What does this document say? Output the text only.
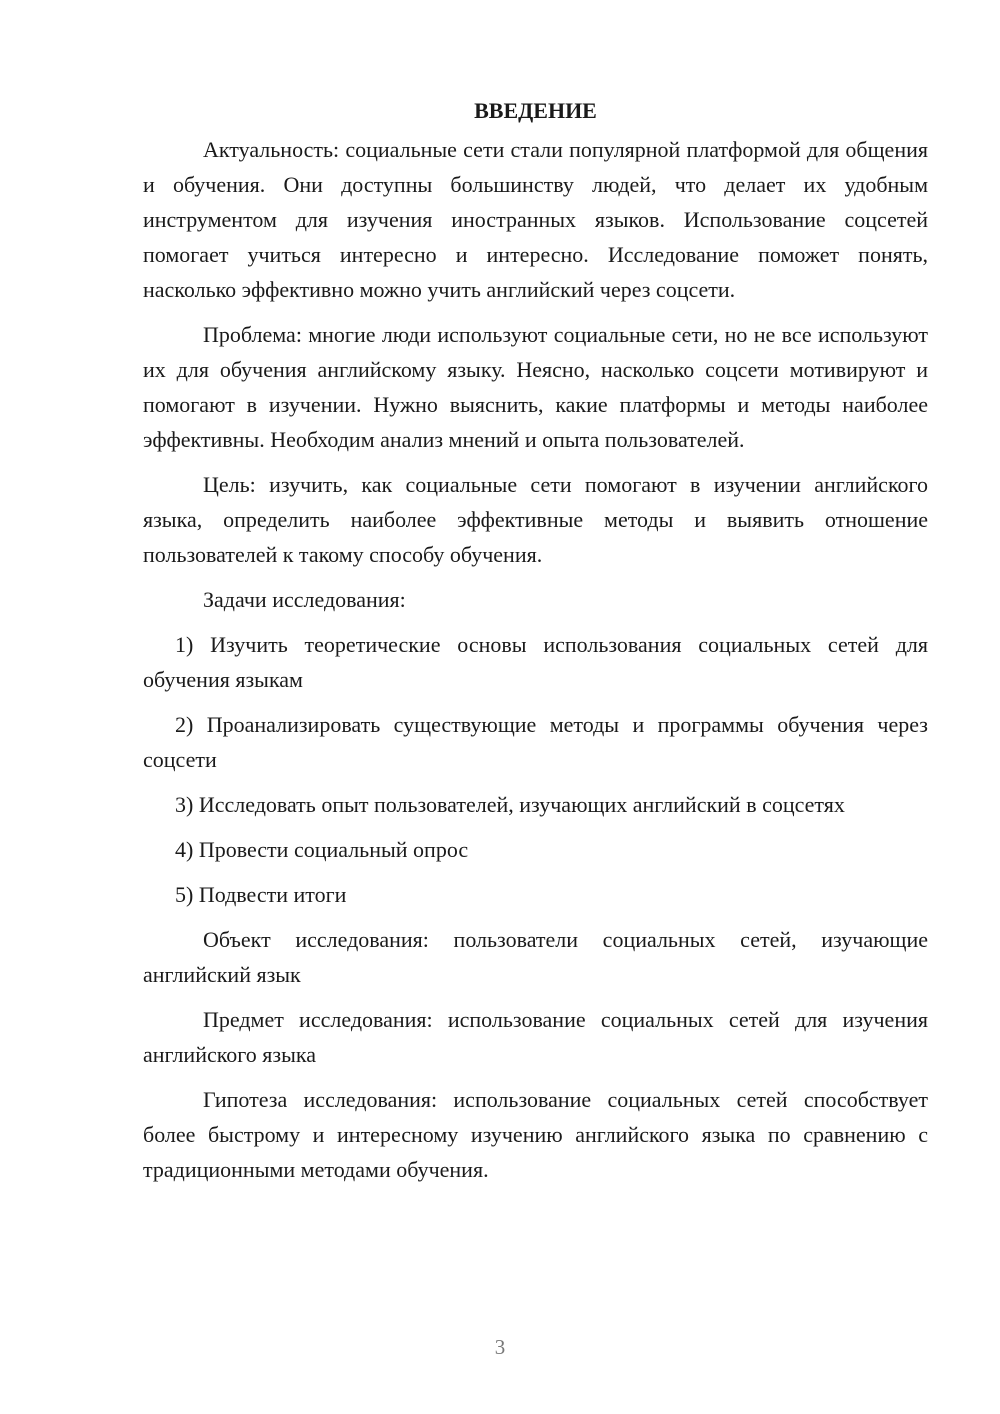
ВВЕДЕНИЕ

Актуальность: социальные сети стали популярной платформой для общения и обучения. Они доступны большинству людей, что делает их удобным инструментом для изучения иностранных языков. Использование соцсетей помогает учиться интересно и интересно. Исследование поможет понять, насколько эффективно можно учить английский через соцсети.

Проблема: многие люди используют социальные сети, но не все используют их для обучения английскому языку. Неясно, насколько соцсети мотивируют и помогают в изучении. Нужно выяснить, какие платформы и методы наиболее эффективны. Необходим анализ мнений и опыта пользователей.

Цель: изучить, как социальные сети помогают в изучении английского языка, определить наиболее эффективные методы и выявить отношение пользователей к такому способу обучения.

Задачи исследования:

1) Изучить теоретические основы использования социальных сетей для обучения языкам

2) Проанализировать существующие методы и программы обучения через соцсети

3) Исследовать опыт пользователей, изучающих английский в соцсетях

4) Провести социальный опрос

5) Подвести итоги

Объект исследования: пользователи социальных сетей, изучающие английский язык

Предмет исследования: использование социальных сетей для изучения английского языка

Гипотеза исследования: использование социальных сетей способствует более быстрому и интересному изучению английского языка по сравнению с традиционными методами обучения.

3
